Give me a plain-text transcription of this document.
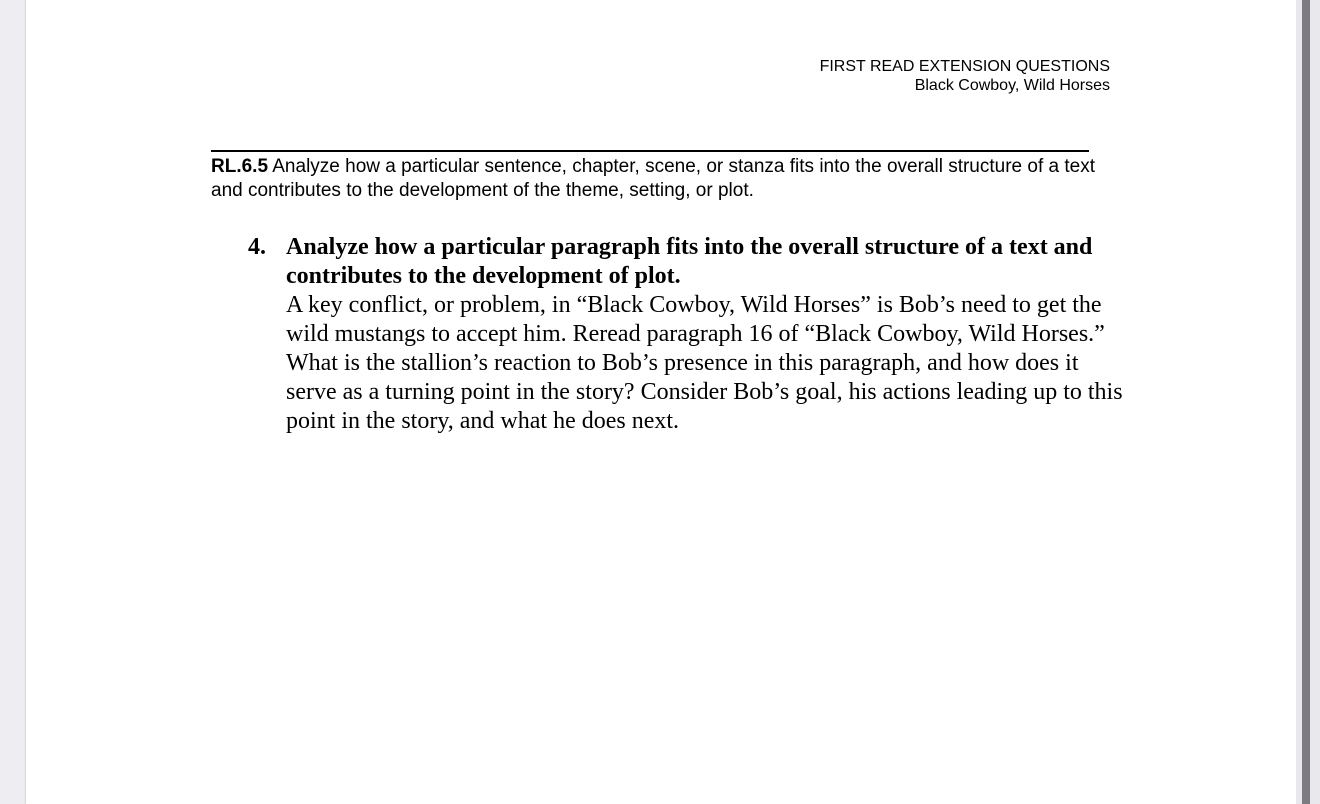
FIRST READ EXTENSION QUESTIONS
Black Cowboy, Wild Horses
RL.6.5 Analyze how a particular sentence, chapter, scene, or stanza fits into the overall structure of a text and contributes to the development of the theme, setting, or plot.
4. Analyze how a particular paragraph fits into the overall structure of a text and contributes to the development of plot.
A key conflict, or problem, in “Black Cowboy, Wild Horses” is Bob’s need to get the wild mustangs to accept him. Reread paragraph 16 of “Black Cowboy, Wild Horses.” What is the stallion’s reaction to Bob’s presence in this paragraph, and how does it serve as a turning point in the story? Consider Bob’s goal, his actions leading up to this point in the story, and what he does next.
